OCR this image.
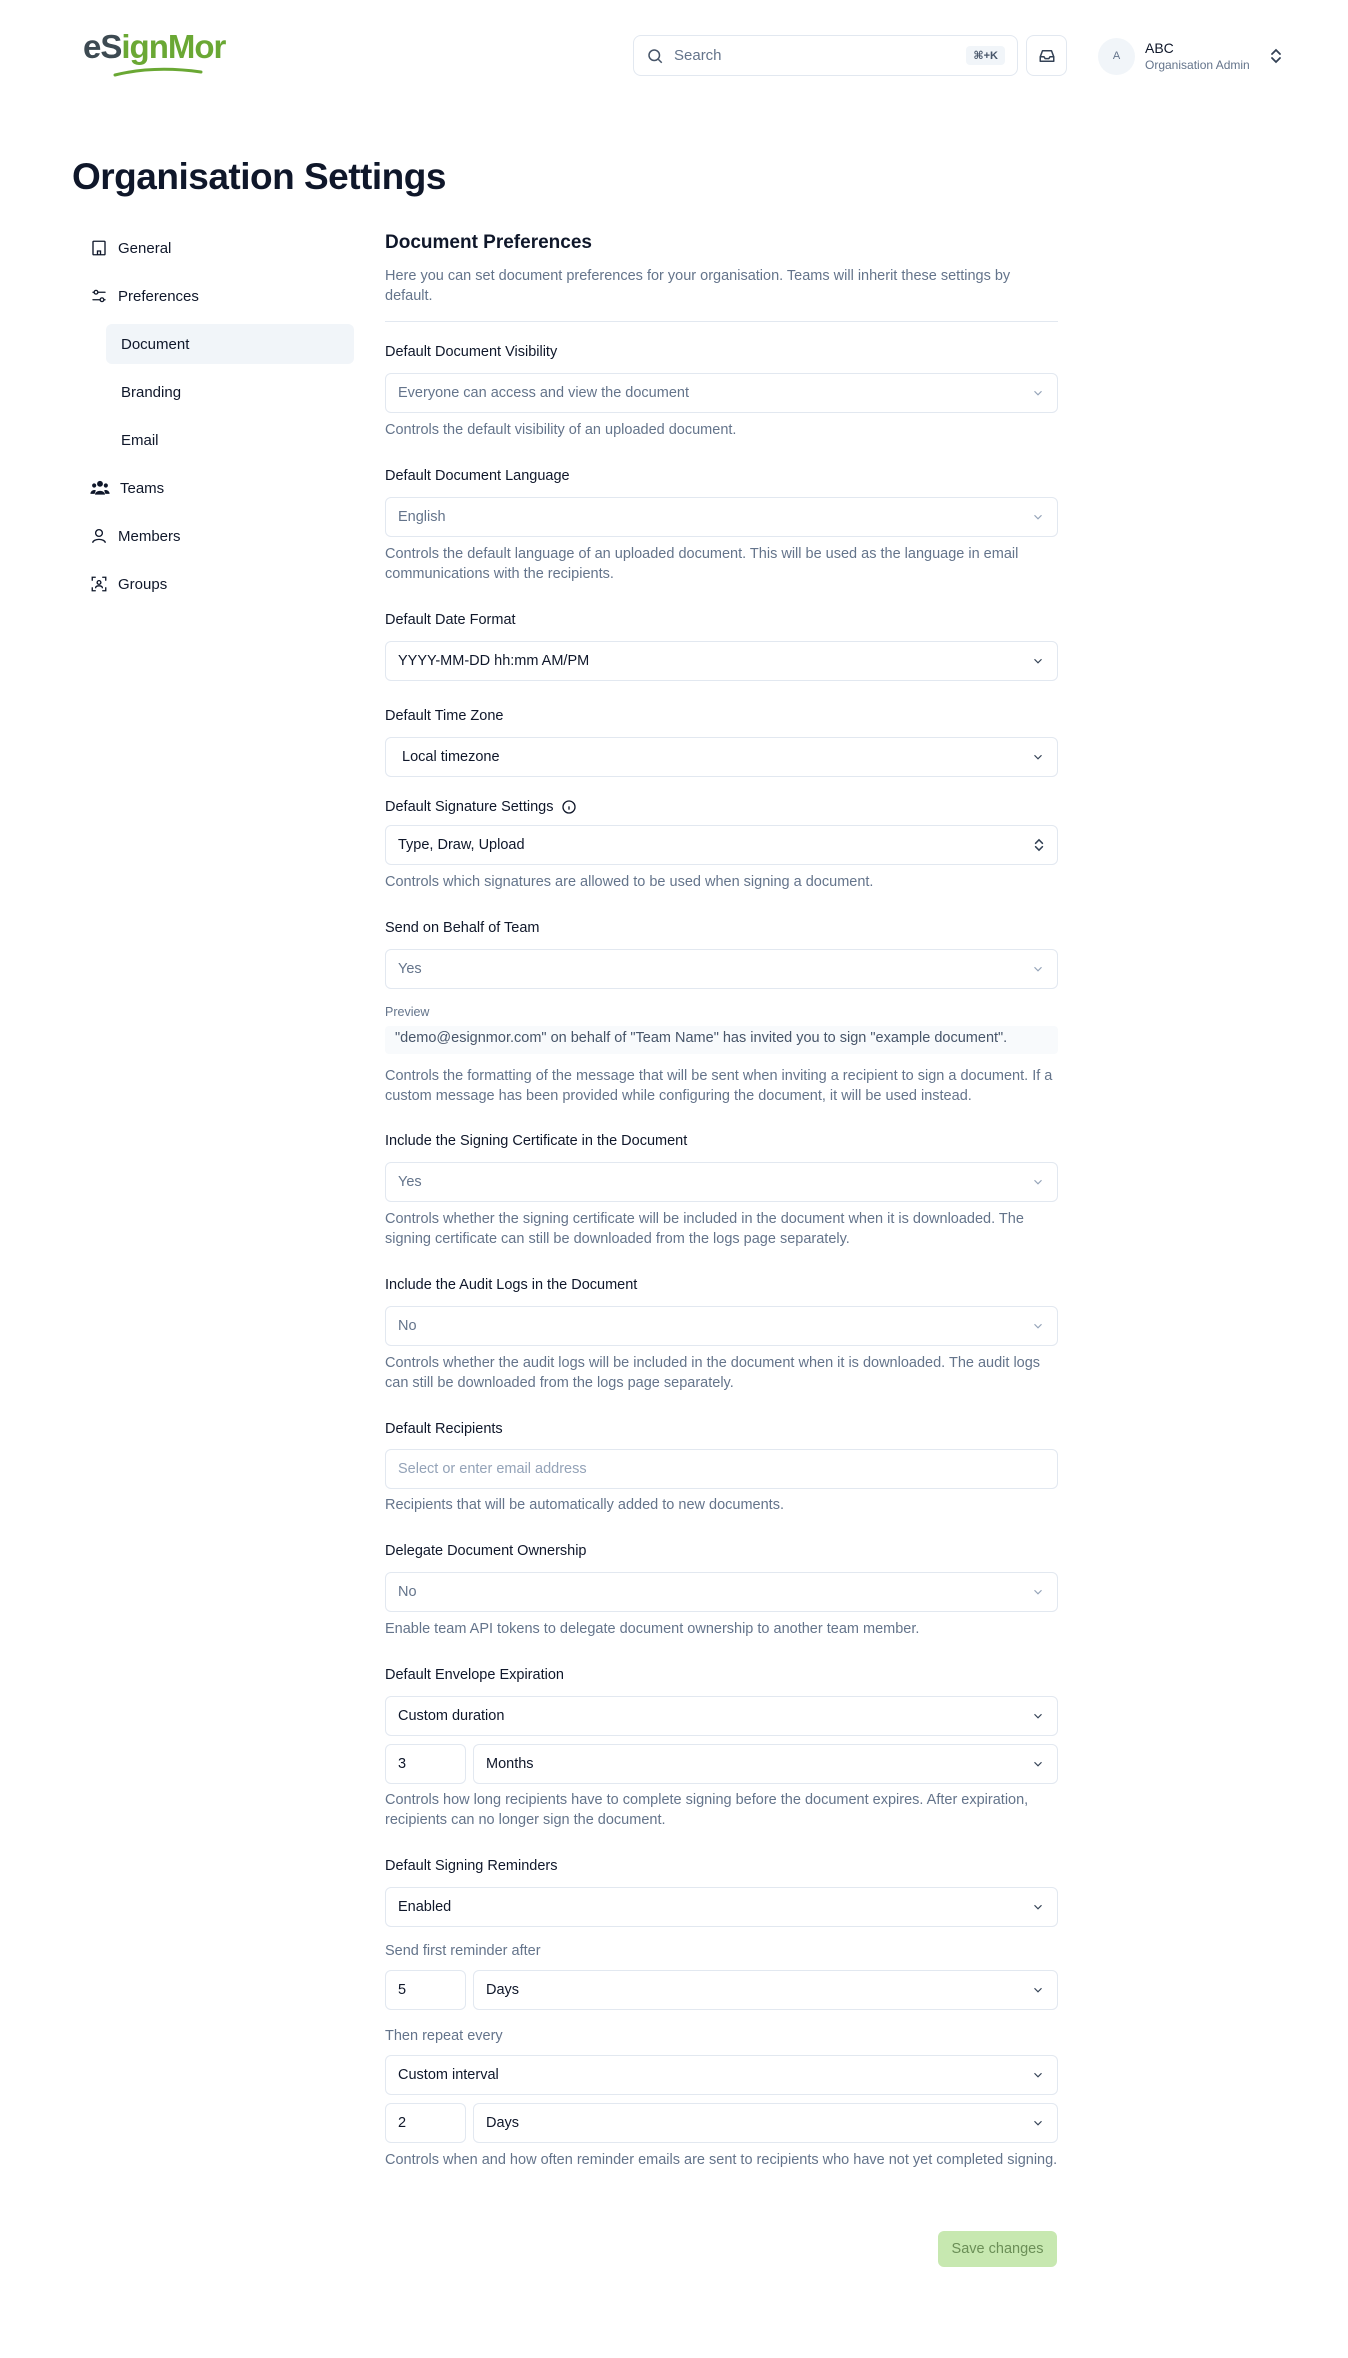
eSignMor	Search	⌘+K	A	ABC
Organisation Admin
Organisation Settings
General
Preferences
Document
Branding
Email
Teams
Members
Groups
Document Preferences

Here you can set document preferences for your organisation. Teams will inherit these settings by default.

Default Document Visibility
Everyone can access and view the document

Controls the default visibility of an uploaded document.

Default Document Language
English

Controls the default language of an uploaded document. This will be used as the language in email communications with the recipients.

Default Date Format
YYYY-MM-DD hh:mm AM/PM
Default Time Zone
Local timezone
Default Signature Settings
Type, Draw, Upload

Controls which signatures are allowed to be used when signing a document.

Send on Behalf of Team
Yes
Preview
"demo@esignmor.com" on behalf of "Team Name" has invited you to sign "example document".

Controls the formatting of the message that will be sent when inviting a recipient to sign a document. If a custom message has been provided while configuring the document, it will be used instead.

Include the Signing Certificate in the Document
Yes

Controls whether the signing certificate will be included in the document when it is downloaded. The signing certificate can still be downloaded from the logs page separately.

Include the Audit Logs in the Document
No

Controls whether the audit logs will be included in the document when it is downloaded. The audit logs can still be downloaded from the logs page separately.

Default Recipients
Select or enter email address

Recipients that will be automatically added to new documents.

Delegate Document Ownership
No

Enable team API tokens to delegate document ownership to another team member.

Default Envelope Expiration
Custom duration
3	Months

Controls how long recipients have to complete signing before the document expires. After expiration, recipients can no longer sign the document.

Default Signing Reminders
Enabled
Send first reminder after
5	Days
Then repeat every
Custom interval
2	Days

Controls when and how often reminder emails are sent to recipients who have not yet completed signing.

Save changes
